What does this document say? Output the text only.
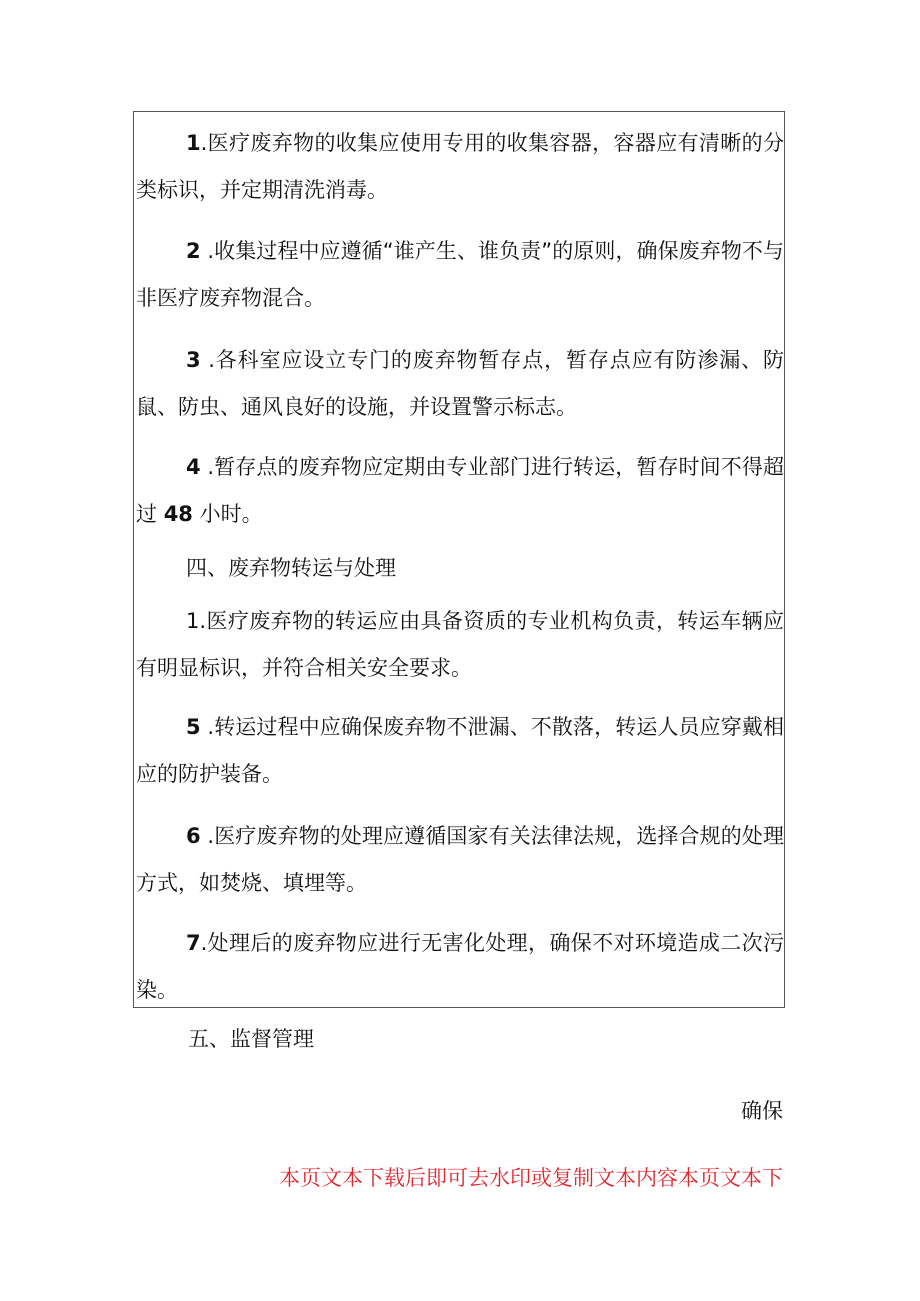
1.医疗废弃物的收集应使用专用的收集容器，容器应有清晰的分类标识，并定期清洗消毒。

2 .收集过程中应遵循“谁产生、谁负责”的原则，确保废弃物不与非医疗废弃物混合。

3 .各科室应设立专门的废弃物暂存点，暂存点应有防渗漏、防鼠、防虫、通风良好的设施，并设置警示标志。

4 .暂存点的废弃物应定期由专业部门进行转运，暂存时间不得超过 48 小时。

四、废弃物转运与处理

1.医疗废弃物的转运应由具备资质的专业机构负责，转运车辆应有明显标识，并符合相关安全要求。

5 .转运过程中应确保废弃物不泄漏、不散落，转运人员应穿戴相应的防护装备。

6 .医疗废弃物的处理应遵循国家有关法律法规，选择合规的处理方式，如焚烧、填埋等。

7.处理后的废弃物应进行无害化处理，确保不对环境造成二次污染。

五、监督管理

确保
本页文本下载后即可去水印或复制文本内容本页文本下
